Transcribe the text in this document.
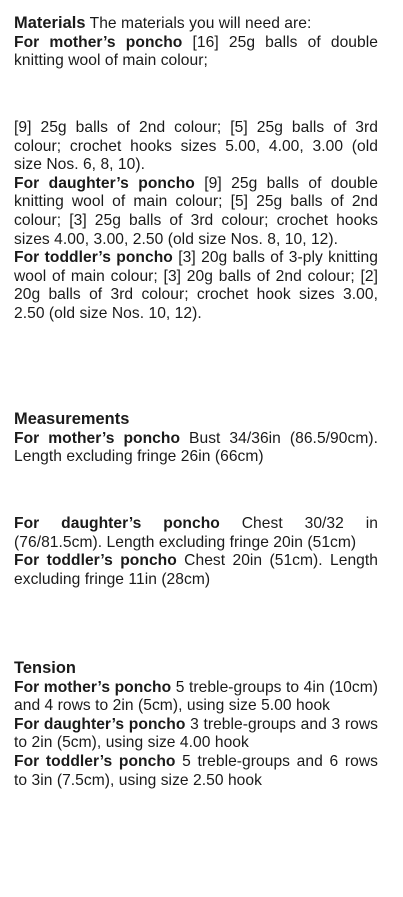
Materials The materials you will need are:

For mother’s poncho [16] 25g balls of double knitting wool of main colour;

[9] 25g balls of 2nd colour; [5] 25g balls of 3rd colour; crochet hooks sizes 5.00, 4.00, 3.00 (old size Nos. 6, 8, 10).

For daughter’s poncho [9] 25g balls of double knitting wool of main colour; [5] 25g balls of 2nd colour; [3] 25g balls of 3rd colour; crochet hooks sizes 4.00, 3.00, 2.50 (old size Nos. 8, 10, 12).

For toddler’s poncho [3] 20g balls of 3-ply knitting wool of main colour; [3] 20g balls of 2nd colour; [2] 20g balls of 3rd colour; crochet hook sizes 3.00, 2.50 (old size Nos. 10, 12).

Measurements

For mother’s poncho Bust 34/36in (86.5/90cm). Length excluding fringe 26in (66cm)

For daughter’s poncho Chest 30/32 in (76/81.5cm). Length excluding fringe 20in (51cm)

For toddler’s poncho Chest 20in (51cm). Length excluding fringe 11in (28cm)

Tension

For mother’s poncho 5 treble-groups to 4in (10cm) and 4 rows to 2in (5cm), using size 5.00 hook

For daughter’s poncho 3 treble-groups and 3 rows to 2in (5cm), using size 4.00 hook

For toddler’s poncho 5 treble-groups and 6 rows to 3in (7.5cm), using size 2.50 hook
